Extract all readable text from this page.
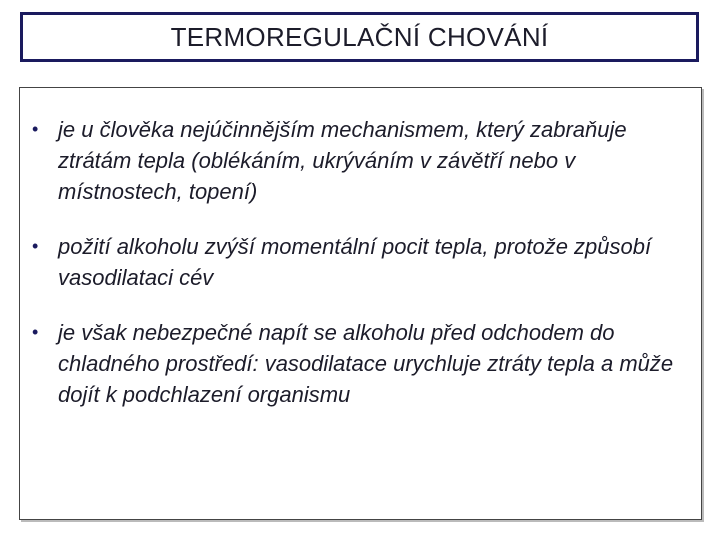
TERMOREGULAČNÍ CHOVÁNÍ
• je u člověka nejúčinnějším mechanismem, který zabraňuje ztrátám tepla (oblékáním, ukrýváním v závětří nebo v místnostech, topení)
• požití alkoholu zvýší momentální pocit tepla, protože způsobí vasodilataci cév
• je však nebezpečné napít se alkoholu před odchodem do chladného prostředí: vasodilatace urychluje ztráty tepla a může dojít k podchlazení organismu
